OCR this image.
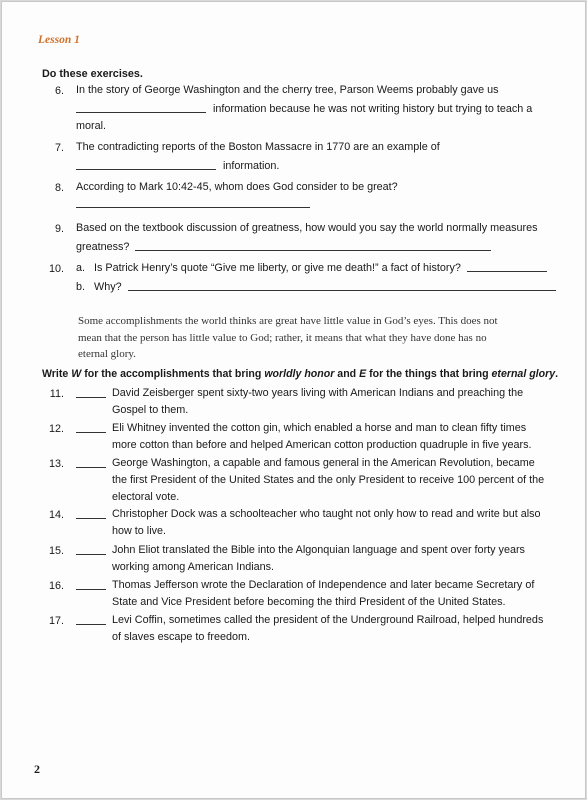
Lesson 1
Do these exercises.
6. In the story of George Washington and the cherry tree, Parson Weems probably gave us
information because he was not writing history but trying to teach a
moral.
7. The contradicting reports of the Boston Massacre in 1770 are an example of
information.
8. According to Mark 10:42-45, whom does God consider to be great?
9. Based on the textbook discussion of greatness, how would you say the world normally measures
greatness?
10. a. Is Patrick Henry’s quote “Give me liberty, or give me death!” a fact of history?
b. Why?
Some accomplishments the world thinks are great have little value in God’s eyes. This does not
mean that the person has little value to God; rather, it means that what they have done has no
eternal glory.
Write W for the accomplishments that bring worldly honor and E for the things that bring eternal glory.
11.	David Zeisberger spent sixty-two years living with American Indians and preaching the
Gospel to them.
12.	Eli Whitney invented the cotton gin, which enabled a horse and man to clean fifty times
more cotton than before and helped American cotton production quadruple in five years.
13.	George Washington, a capable and famous general in the American Revolution, became
the first President of the United States and the only President to receive 100 percent of the
electoral vote.
14.	Christopher Dock was a schoolteacher who taught not only how to read and write but also
how to live.
15.	John Eliot translated the Bible into the Algonquian language and spent over forty years
working among American Indians.
16.	Thomas Jefferson wrote the Declaration of Independence and later became Secretary of
State and Vice President before becoming the third President of the United States.
17.	Levi Coffin, sometimes called the president of the Underground Railroad, helped hundreds
of slaves escape to freedom.
2
